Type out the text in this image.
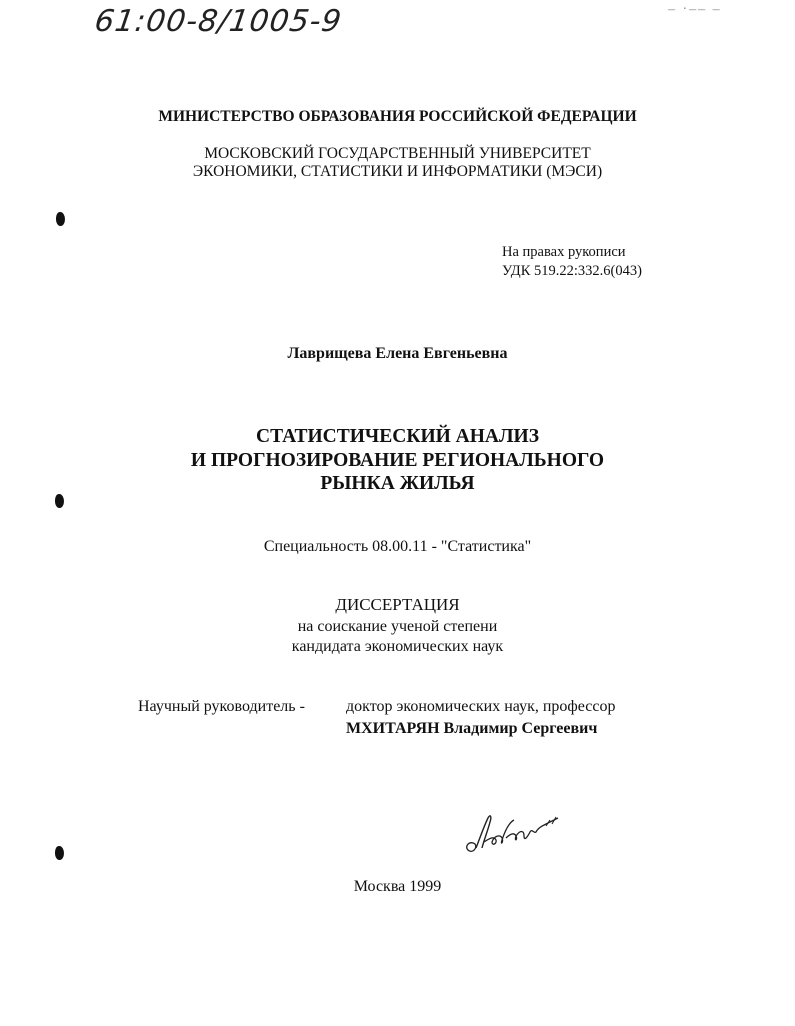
61:00-8/1005-9	– ·–– –
МИНИСТЕРСТВО ОБРАЗОВАНИЯ РОССИЙСКОЙ ФЕДЕРАЦИИ
МОСКОВСКИЙ ГОСУДАРСТВЕННЫЙ УНИВЕРСИТЕТ
ЭКОНОМИКИ, СТАТИСТИКИ И ИНФОРМАТИКИ (МЭСИ)
На правах рукописи
УДК 519.22:332.6(043)
Лаврищева Елена Евгеньевна
СТАТИСТИЧЕСКИЙ АНАЛИЗ
И ПРОГНОЗИРОВАНИЕ РЕГИОНАЛЬНОГО
РЫНКА ЖИЛЬЯ
Специальность 08.00.11 - "Статистика"
ДИССЕРТАЦИЯ
на соискание ученой степени
кандидата экономических наук
Научный руководитель -	доктор экономических наук, профессор
МХИТАРЯН Владимир Сергеевич
Москва 1999
